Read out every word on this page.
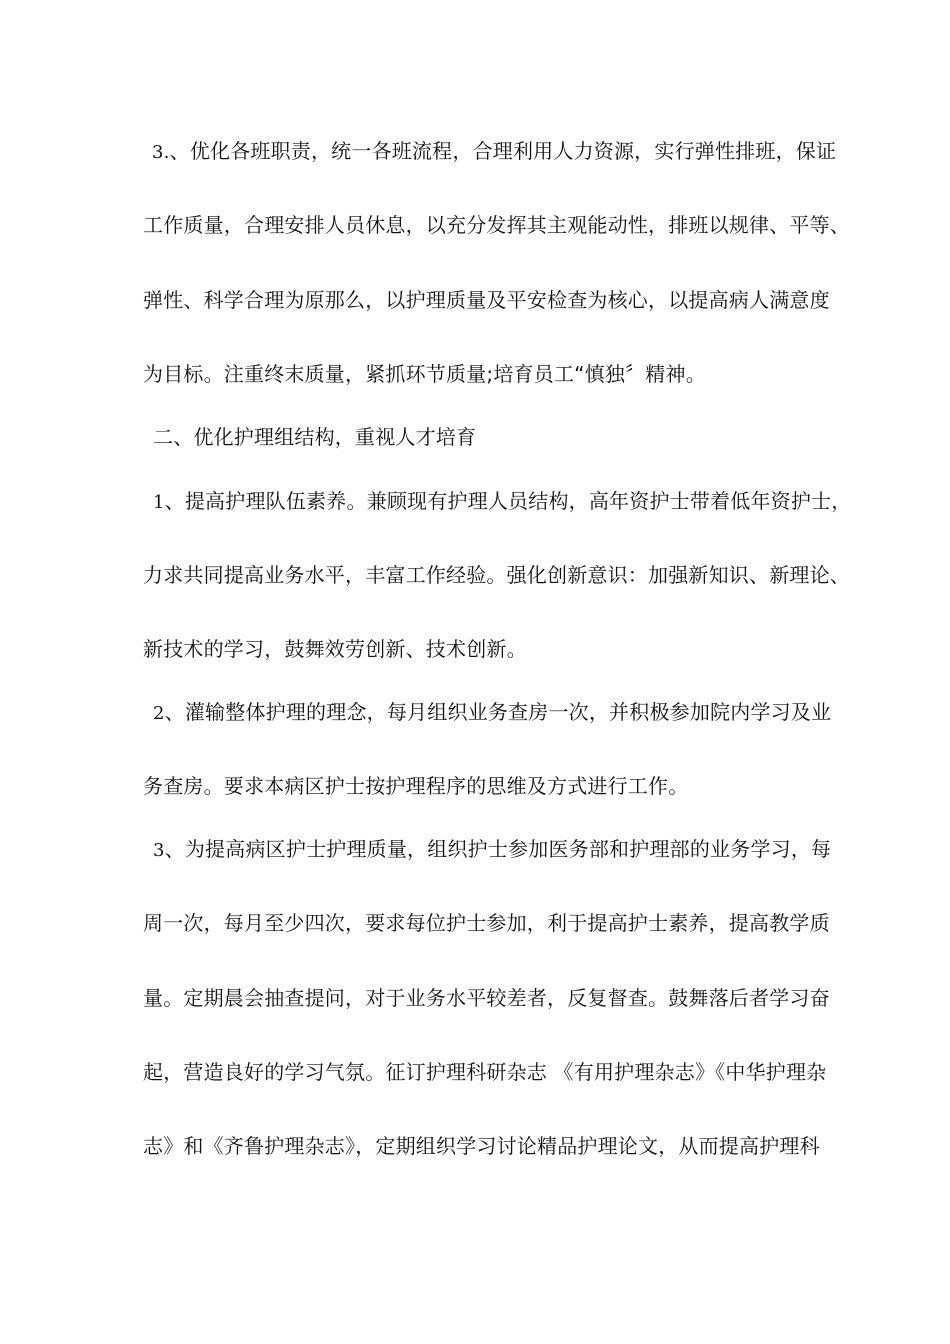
3.、优化各班职责，统一各班流程，合理利用人力资源，实行弹性排班，保证
工作质量，合理安排人员休息，以充分发挥其主观能动性，排班以规律、平等、
弹性、科学合理为原那么，以护理质量及平安检查为核心，以提高病人满意度
为目标。注重终末质量，紧抓环节质量;培育员工“慎独〞精神。
二、优化护理组结构，重视人才培育
1、提高护理队伍素养。兼顾现有护理人员结构，高年资护士带着低年资护士，
力求共同提高业务水平，丰富工作经验。强化创新意识：加强新知识、新理论、
新技术的学习，鼓舞效劳创新、技术创新。
2、灌输整体护理的理念，每月组织业务查房一次，并积极参加院内学习及业
务查房。要求本病区护士按护理程序的思维及方式进行工作。
3、为提高病区护士护理质量，组织护士参加医务部和护理部的业务学习，每
周一次，每月至少四次，要求每位护士参加，利于提高护士素养，提高教学质
量。定期晨会抽查提问，对于业务水平较差者，反复督查。鼓舞落后者学习奋
起，营造良好的学习气氛。征订护理科研杂志 《有用护理杂志》《中华护理杂
志》和《齐鲁护理杂志》，定期组织学习讨论精品护理论文，从而提高护理科
